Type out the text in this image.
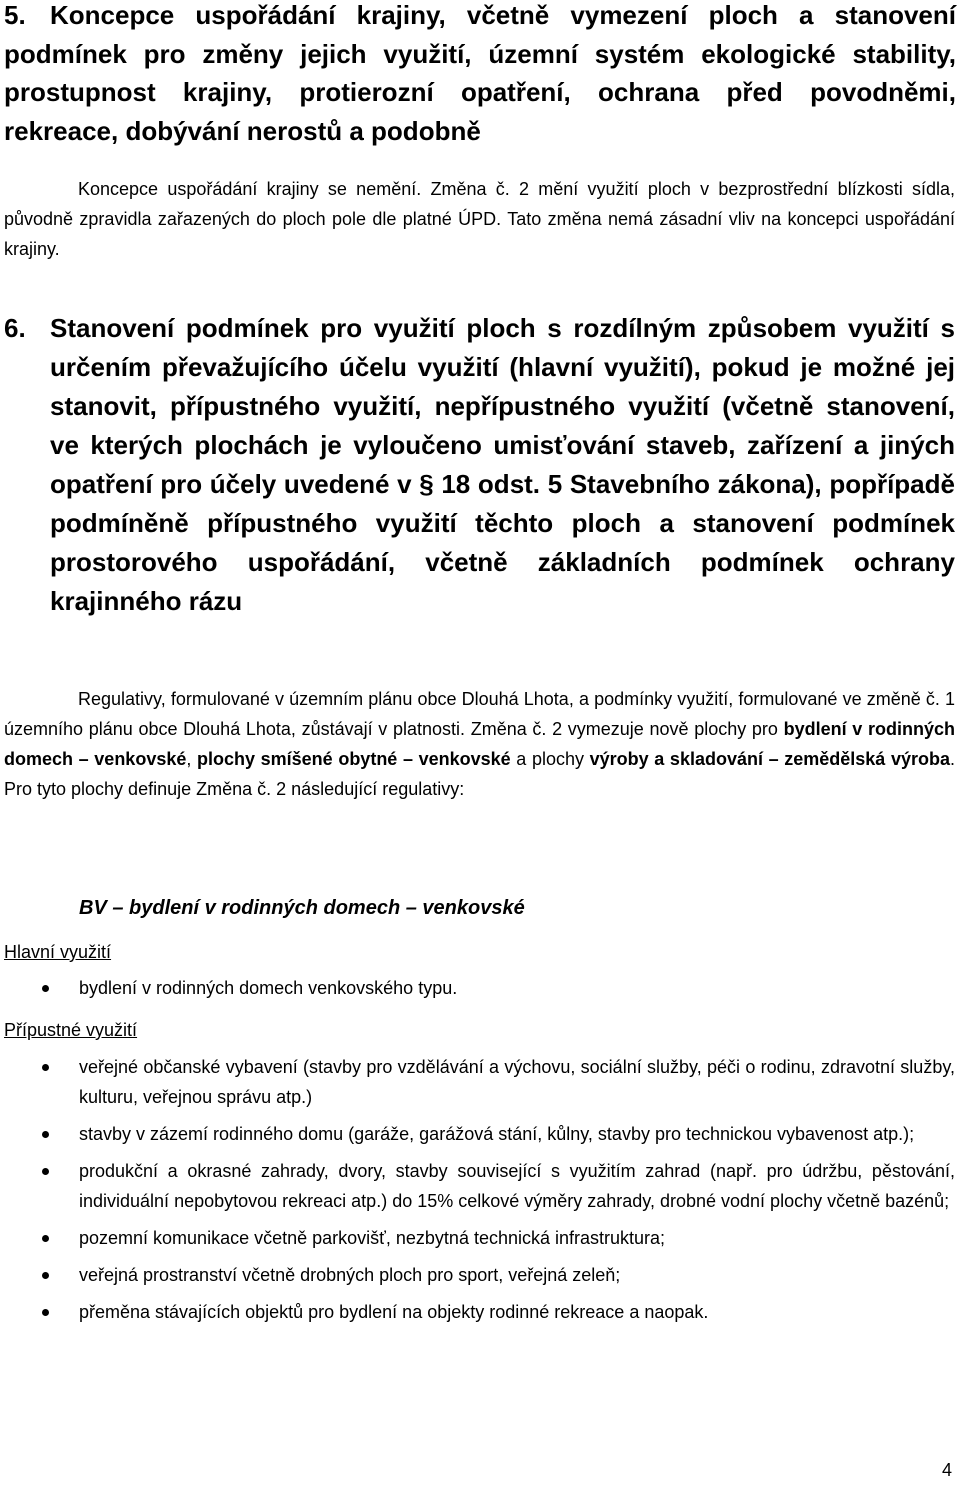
5. Koncepce uspořádání krajiny, včetně vymezení ploch a stanovení podmínek pro změny jejich využití, územní systém ekologické stability, prostupnost krajiny, protierozní opatření, ochrana před povodněmi, rekreace, dobývání nerostů a podobně

Koncepce uspořádání krajiny se nemění. Změna č. 2 mění využití ploch v bezprostřední blízkosti sídla, původně zpravidla zařazených do ploch pole dle platné ÚPD. Tato změna nemá zásadní vliv na koncepci uspořádání krajiny.

6. Stanovení podmínek pro využití ploch s rozdílným způsobem využití s určením převažujícího účelu využití (hlavní využití), pokud je možné jej stanovit, přípustného využití, nepřípustného využití (včetně stanovení, ve kterých plochách je vyloučeno umisťování staveb, zařízení a jiných opatření pro účely uvedené v § 18 odst. 5 Stavebního zákona), popřípadě podmíněně přípustného využití těchto ploch a stanovení podmínek prostorového uspořádání, včetně základních podmínek ochrany krajinného rázu

Regulativy, formulované v územním plánu obce Dlouhá Lhota, a podmínky využití, formulované ve změně č. 1 územního plánu obce Dlouhá Lhota, zůstávají v platnosti. Změna č. 2 vymezuje nově plochy pro bydlení v rodinných domech – venkovské, plochy smíšené obytné – venkovské a plochy výroby a skladování – zemědělská výroba. Pro tyto plochy definuje Změna č. 2 následující regulativy:

BV – bydlení v rodinných domech – venkovské

Hlavní využití

bydlení v rodinných domech venkovského typu.

Přípustné využití

veřejné občanské vybavení (stavby pro vzdělávání a výchovu, sociální služby, péči o rodinu, zdravotní služby, kulturu, veřejnou správu atp.)
stavby v zázemí rodinného domu (garáže, garážová stání, kůlny, stavby pro technickou vybavenost atp.);
produkční a okrasné zahrady, dvory, stavby související s využitím zahrad (např. pro údržbu, pěstování, individuální nepobytovou rekreaci atp.) do 15% celkové výměry zahrady, drobné vodní plochy včetně bazénů;
pozemní komunikace včetně parkovišť, nezbytná technická infrastruktura;
veřejná prostranství včetně drobných ploch pro sport, veřejná zeleň;
přeměna stávajících objektů pro bydlení na objekty rodinné rekreace a naopak.
4
